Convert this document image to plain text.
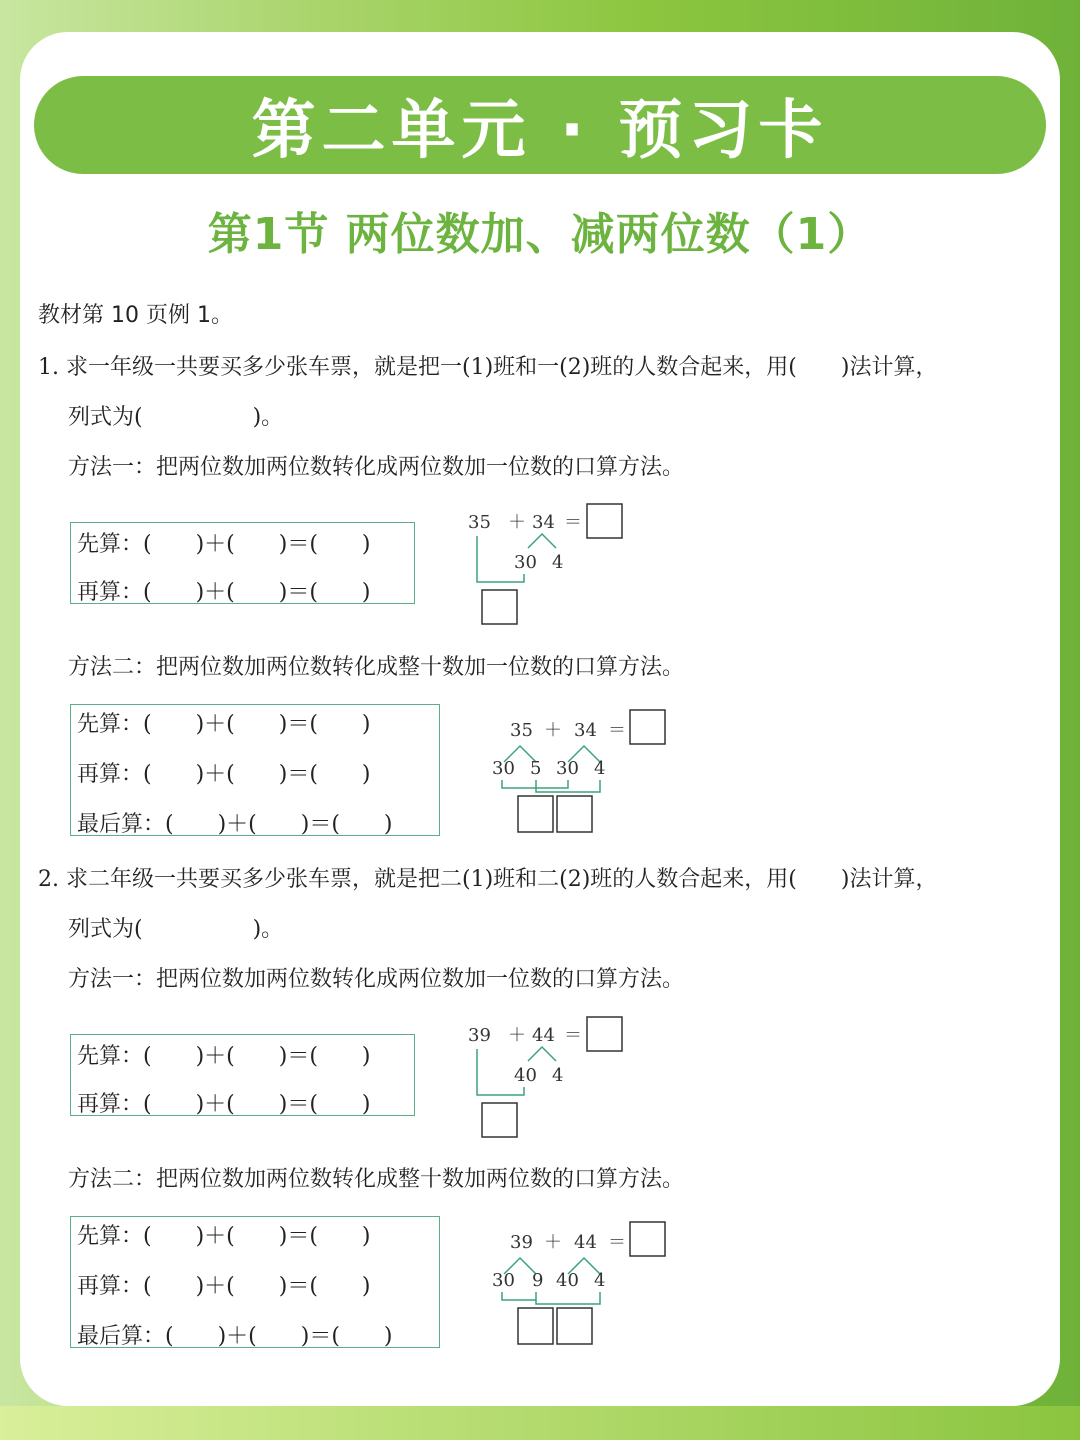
第二单元 · 预习卡
第1节 两位数加、减两位数（1）
教材第 10 页例 1。
1. 求一年级一共要买多少张车票，就是把一(1)班和一(2)班的人数合起来，用(　　)法计算，
列式为(　　　　　)。
方法一：把两位数加两位数转化成两位数加一位数的口算方法。
先算：(　　)＋(　　)＝(　　)
再算：(　　)＋(　　)＝(　　)
35 ＋ 34 ＝
30 4
方法二：把两位数加两位数转化成整十数加一位数的口算方法。
先算：(　　)＋(　　)＝(　　)
再算：(　　)＋(　　)＝(　　)
最后算：(　　)＋(　　)＝(　　)
35 ＋ 34 ＝
30 5 30 4
2. 求二年级一共要买多少张车票，就是把二(1)班和二(2)班的人数合起来，用(　　)法计算，
列式为(　　　　　)。
方法一：把两位数加两位数转化成两位数加一位数的口算方法。
先算：(　　)＋(　　)＝(　　)
再算：(　　)＋(　　)＝(　　)
39 ＋ 44 ＝
40 4
方法二：把两位数加两位数转化成整十数加两位数的口算方法。
先算：(　　)＋(　　)＝(　　)
再算：(　　)＋(　　)＝(　　)
最后算：(　　)＋(　　)＝(　　)
39 ＋ 44 ＝
30 9 40 4
